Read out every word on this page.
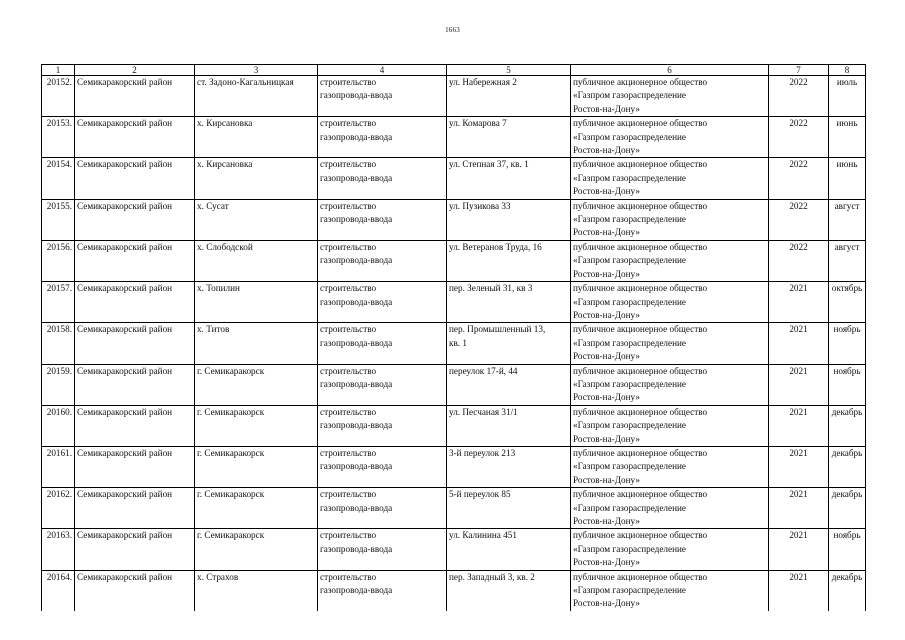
1663
1	2	3	4	5	6	7	8
20152.	Семикаракорский район	ст. Задоно-Кагальницкая	строительство
газопровода-ввода	ул. Набережная 2	публичное акционерное общество
«Газпром газораспределение
Ростов-на-Дону»	2022	июль
20153.	Семикаракорский район	х. Кирсановка	строительство
газопровода-ввода	ул. Комарова 7	публичное акционерное общество
«Газпром газораспределение
Ростов-на-Дону»	2022	июнь
20154.	Семикаракорский район	х. Кирсановка	строительство
газопровода-ввода	ул. Степная 37, кв. 1	публичное акционерное общество
«Газпром газораспределение
Ростов-на-Дону»	2022	июнь
20155.	Семикаракорский район	х. Сусат	строительство
газопровода-ввода	ул. Пузикова 33	публичное акционерное общество
«Газпром газораспределение
Ростов-на-Дону»	2022	август
20156.	Семикаракорский район	х. Слободской	строительство
газопровода-ввода	ул. Ветеранов Труда, 16	публичное акционерное общество
«Газпром газораспределение
Ростов-на-Дону»	2022	август
20157.	Семикаракорский район	х. Топилин	строительство
газопровода-ввода	пер. Зеленый 31, кв 3	публичное акционерное общество
«Газпром газораспределение
Ростов-на-Дону»	2021	октябрь
20158.	Семикаракорский район	х. Титов	строительство
газопровода-ввода	пер. Промышленный 13,
кв. 1	публичное акционерное общество
«Газпром газораспределение
Ростов-на-Дону»	2021	ноябрь
20159.	Семикаракорский район	г. Семикаракорск	строительство
газопровода-ввода	переулок 17-й, 44	публичное акционерное общество
«Газпром газораспределение
Ростов-на-Дону»	2021	ноябрь
20160.	Семикаракорский район	г. Семикаракорск	строительство
газопровода-ввода	ул. Песчаная 31/1	публичное акционерное общество
«Газпром газораспределение
Ростов-на-Дону»	2021	декабрь
20161.	Семикаракорский район	г. Семикаракорск	строительство
газопровода-ввода	3-й переулок 213	публичное акционерное общество
«Газпром газораспределение
Ростов-на-Дону»	2021	декабрь
20162.	Семикаракорский район	г. Семикаракорск	строительство
газопровода-ввода	5-й переулок 85	публичное акционерное общество
«Газпром газораспределение
Ростов-на-Дону»	2021	декабрь
20163.	Семикаракорский район	г. Семикаракорск	строительство
газопровода-ввода	ул. Калинина 451	публичное акционерное общество
«Газпром газораспределение
Ростов-на-Дону»	2021	ноябрь
20164.	Семикаракорский район	х. Страхов	строительство
газопровода-ввода	пер. Западный 3, кв. 2	публичное акционерное общество
«Газпром газораспределение
Ростов-на-Дону»	2021	декабрь
